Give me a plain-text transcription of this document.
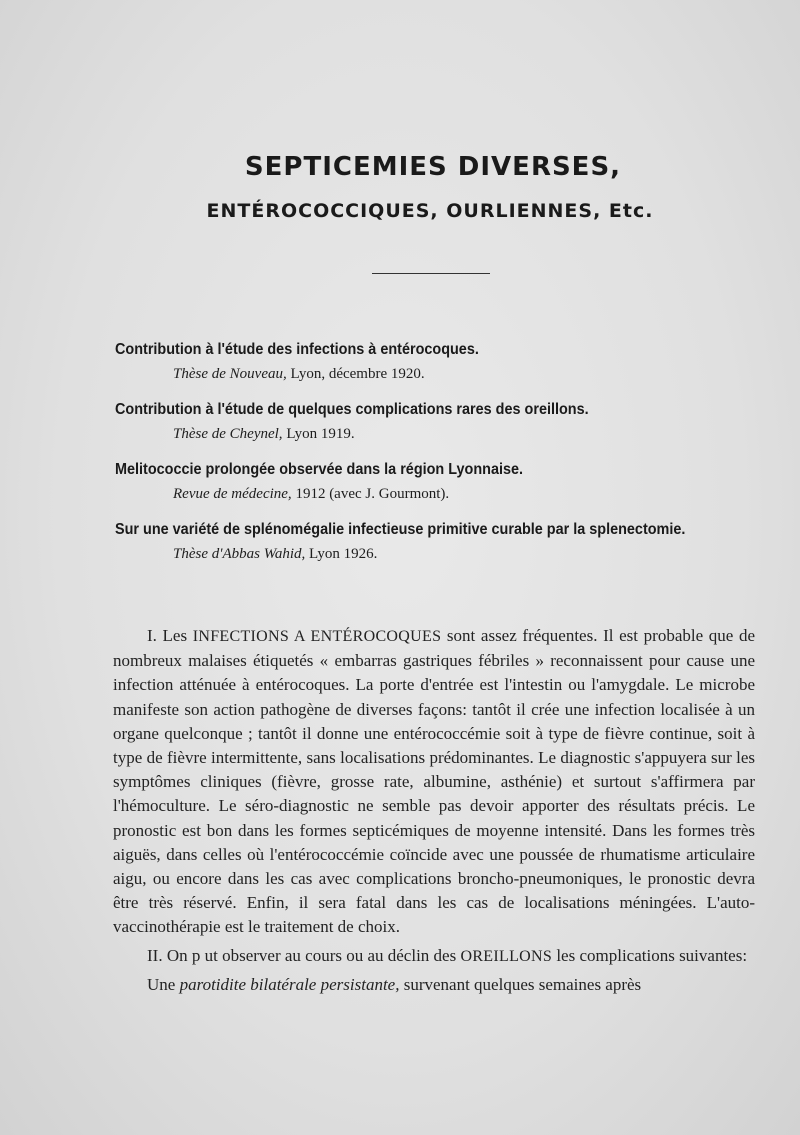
SEPTICEMIES DIVERSES,
ENTÉROCOCCIQUES, OURLIENNES, Etc.
Contribution à l'étude des infections à entérocoques.
Thèse de Nouveau, Lyon, décembre 1920.
Contribution à l'étude de quelques complications rares des oreillons.
Thèse de Cheynel, Lyon 1919.
Melitococcie prolongée observée dans la région Lyonnaise.
Revue de médecine, 1912 (avec J. Gourmont).
Sur une variété de splénomégalie infectieuse primitive curable par la splenectomie.
Thèse d'Abbas Wahid, Lyon 1926.

I. Les INFECTIONS A ENTÉROCOQUES sont assez fréquentes. Il est probable que de nombreux malaises étiquetés « embarras gastriques fébriles » reconnaissent pour cause une infection atténuée à entérocoques. La porte d'entrée est l'intestin ou l'amygdale. Le microbe manifeste son action pathogène de diverses façons: tantôt il crée une infection localisée à un organe quelconque ; tantôt il donne une entérococcémie soit à type de fièvre continue, soit à type de fièvre intermittente, sans localisations prédominantes. Le diagnostic s'appuyera sur les symptômes cliniques (fièvre, grosse rate, albumine, asthénie) et surtout s'affirmera par l'hémoculture. Le séro-diagnostic ne semble pas devoir apporter des résultats précis. Le pronostic est bon dans les formes septicémiques de moyenne intensité. Dans les formes très aiguës, dans celles où l'entérococcémie coïncide avec une poussée de rhumatisme articulaire aigu, ou encore dans les cas avec complications broncho-pneumoniques, le pronostic devra être très réservé. Enfin, il sera fatal dans les cas de localisations méningées. L'auto-vaccinothérapie est le traitement de choix.

II. On p ut observer au cours ou au déclin des OREILLONS les complications suivantes:

Une parotidite bilatérale persistante, survenant quelques semaines après
